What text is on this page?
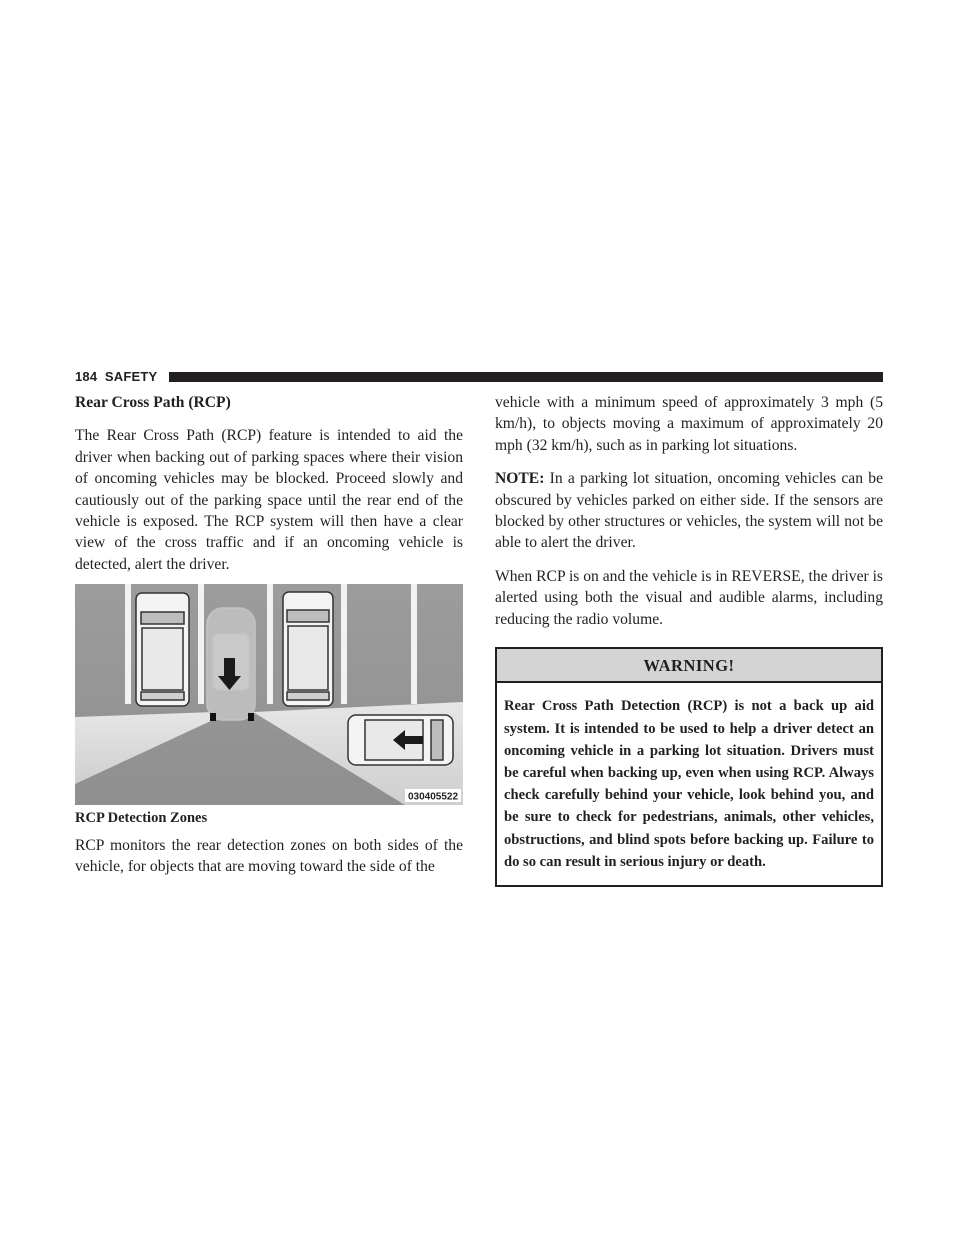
184 SAFETY

Rear Cross Path (RCP)

The Rear Cross Path (RCP) feature is intended to aid the driver when backing out of parking spaces where their vision of oncoming vehicles may be blocked. Proceed slowly and cautiously out of the parking space until the rear end of the vehicle is exposed. The RCP system will then have a clear view of the cross traffic and if an oncoming vehicle is detected, alert the driver.

030405522

RCP Detection Zones

RCP monitors the rear detection zones on both sides of the vehicle, for objects that are moving toward the side of the

vehicle with a minimum speed of approximately 3 mph (5 km/h), to objects moving a maximum of approximately 20 mph (32 km/h), such as in parking lot situations.

NOTE: In a parking lot situation, oncoming vehicles can be obscured by vehicles parked on either side. If the sensors are blocked by other structures or vehicles, the system will not be able to alert the driver.

When RCP is on and the vehicle is in REVERSE, the driver is alerted using both the visual and audible alarms, including reducing the radio volume.

WARNING!
Rear Cross Path Detection (RCP) is not a back up aid system. It is intended to be used to help a driver detect an oncoming vehicle in a parking lot situation. Drivers must be careful when backing up, even when using RCP. Always check carefully behind your vehicle, look behind you, and be sure to check for pedestrians, animals, other vehicles, obstructions, and blind spots before backing up. Failure to do so can result in serious injury or death.
